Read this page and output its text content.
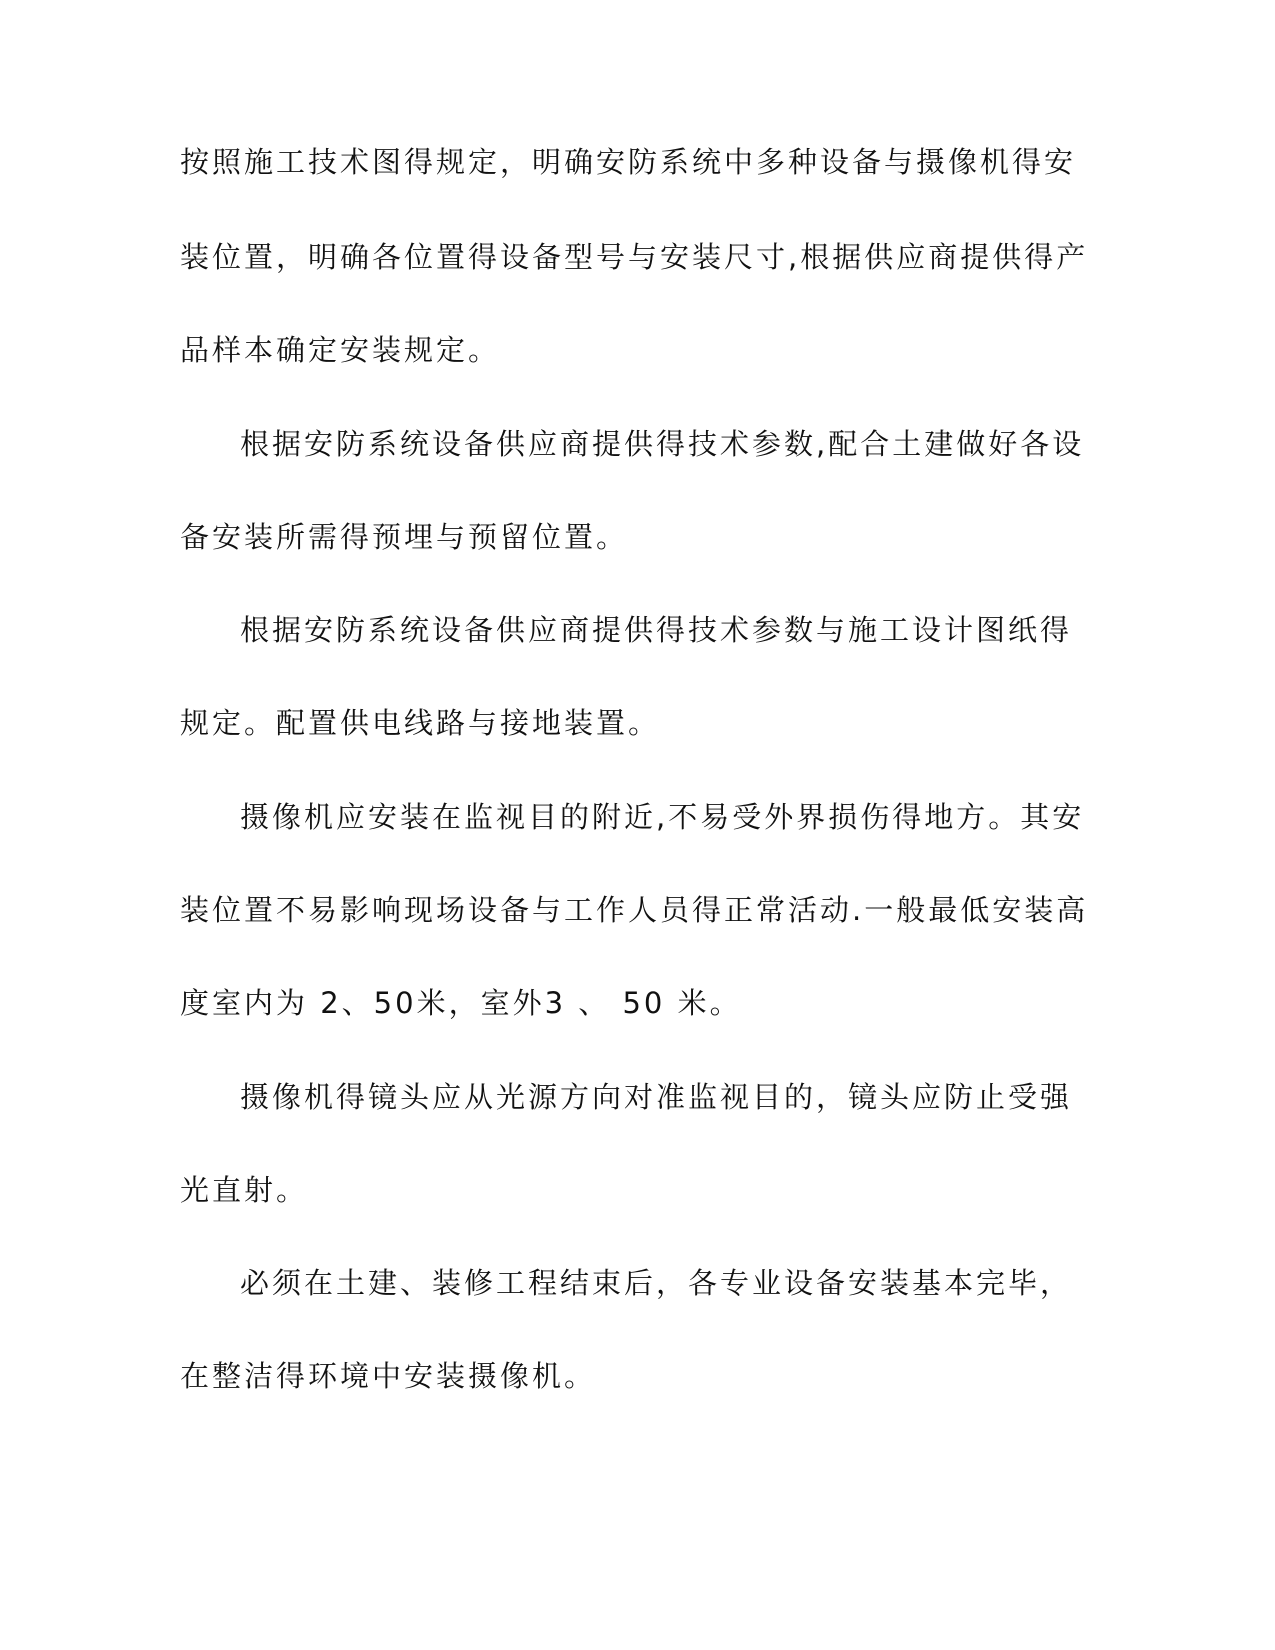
按照施工技术图得规定，明确安防系统中多种设备与摄像机得安
装位置，明确各位置得设备型号与安装尺寸,根据供应商提供得产
品样本确定安装规定。
根据安防系统设备供应商提供得技术参数,配合土建做好各设
备安装所需得预埋与预留位置。
根据安防系统设备供应商提供得技术参数与施工设计图纸得
规定。配置供电线路与接地装置。
摄像机应安装在监视目的附近,不易受外界损伤得地方。其安
装位置不易影响现场设备与工作人员得正常活动.一般最低安装高
度室内为 2、50米，室外3 、 50 米。
摄像机得镜头应从光源方向对准监视目的，镜头应防止受强
光直射。
必须在土建、装修工程结束后，各专业设备安装基本完毕，
在整洁得环境中安装摄像机。
